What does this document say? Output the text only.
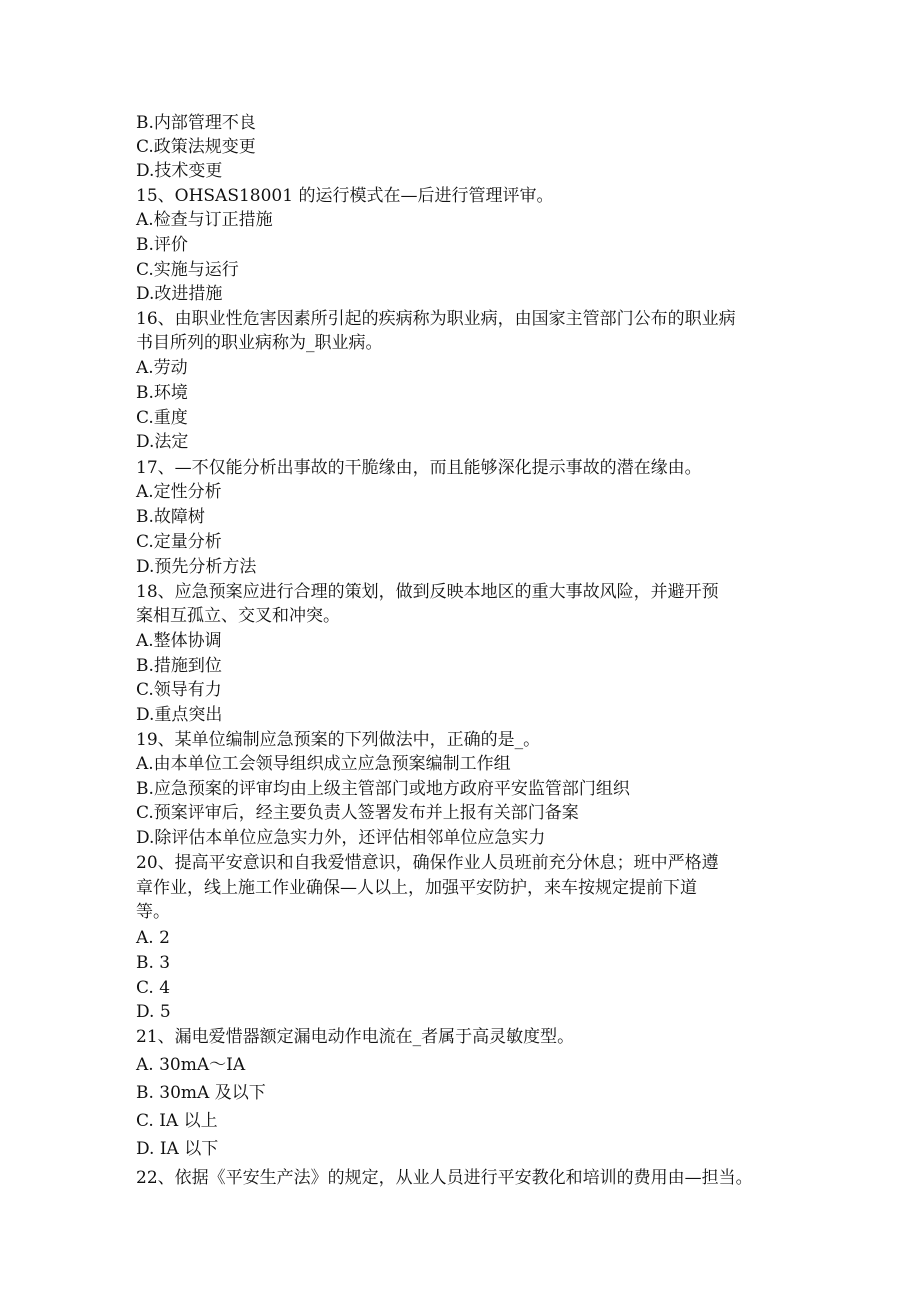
B.内部管理不良
C.政策法规变更
D.技术变更
15、OHSAS18001 的运行模式在—后进行管理评审。
A.检查与订正措施
B.评价
C.实施与运行
D.改进措施
16、由职业性危害因素所引起的疾病称为职业病，由国家主管部门公布的职业病
书目所列的职业病称为_职业病。
A.劳动
B.环境
C.重度
D.法定
17、—不仅能分析出事故的干脆缘由，而且能够深化提示事故的潜在缘由。
A.定性分析
B.故障树
C.定量分析
D.预先分析方法
18、应急预案应进行合理的策划，做到反映本地区的重大事故风险，并避开预
案相互孤立、交叉和冲突。
A.整体协调
B.措施到位
C.领导有力
D.重点突出
19、某单位编制应急预案的下列做法中，正确的是_。
A.由本单位工会领导组织成立应急预案编制工作组
B.应急预案的评审均由上级主管部门或地方政府平安监管部门组织
C.预案评审后，经主要负责人签署发布并上报有关部门备案
D.除评估本单位应急实力外，还评估相邻单位应急实力
20、提高平安意识和自我爱惜意识，确保作业人员班前充分休息；班中严格遵
章作业，线上施工作业确保—人以上，加强平安防护，来车按规定提前下道
等。
A. 2
B. 3
C. 4
D. 5
21、漏电爱惜器额定漏电动作电流在_者属于高灵敏度型。
A. 30mA～IA
B. 30mA 及以下
C. IA 以上
D. IA 以下
22、依据《平安生产法》的规定，从业人员进行平安教化和培训的费用由—担当。
